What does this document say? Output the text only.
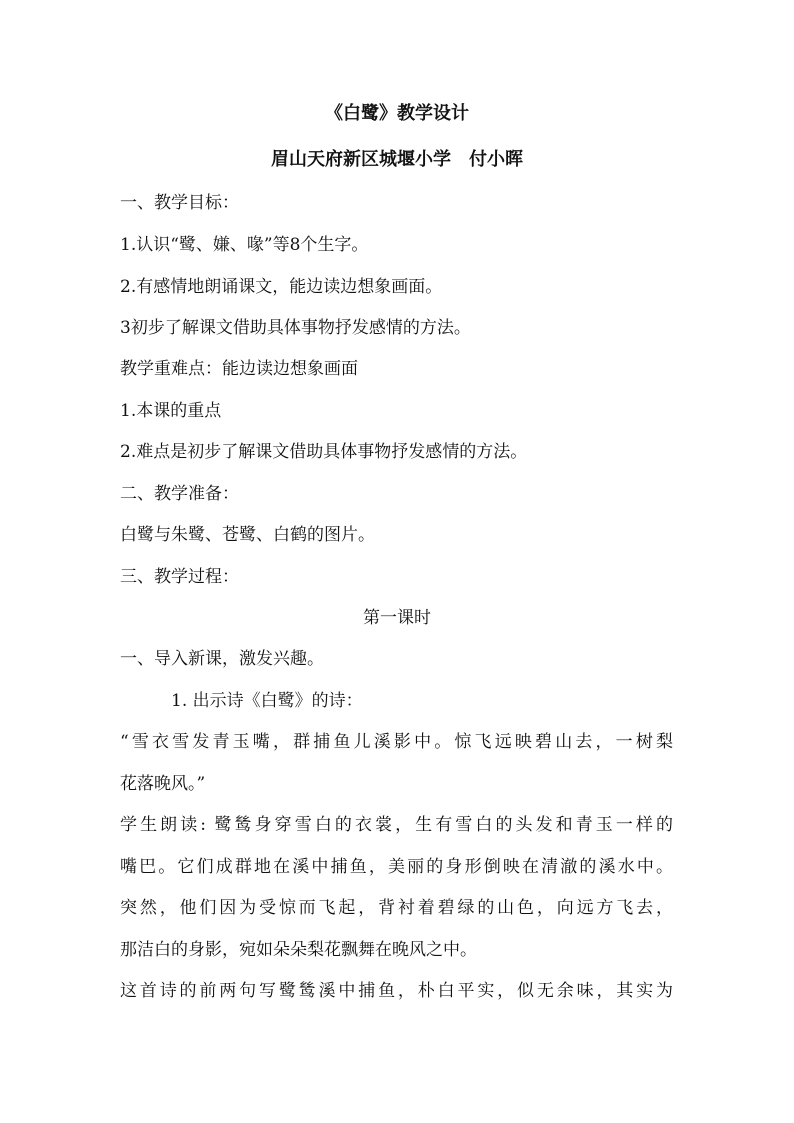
《白鹭》教学设计
眉山天府新区城堰小学　付小晖
一、教学目标：
1.认识“鹭、嫌、喙”等8个生字。
2.有感情地朗诵课文，能边读边想象画面。
3初步了解课文借助具体事物抒发感情的方法。
教学重难点：能边读边想象画面
1.本课的重点
2.难点是初步了解课文借助具体事物抒发感情的方法。
二、教学准备：
白鹭与朱鹭、苍鹭、白鹤的图片。
三、教学过程：
第一课时
一、导入新课，激发兴趣。
1. 出示诗《白鹭》的诗：
“雪衣雪发青玉嘴，群捕鱼儿溪影中。惊飞远映碧山去，一树梨
花落晚风。”
学生朗读: 鹭鸶身穿雪白的衣裳，生有雪白的头发和青玉一样的
嘴巴。它们成群地在溪中捕鱼，美丽的身形倒映在清澈的溪水中。
突然，他们因为受惊而飞起，背衬着碧绿的山色，向远方飞去，
那洁白的身影，宛如朵朵梨花飘舞在晚风之中。
这首诗的前两句写鹭鸶溪中捕鱼，朴白平实，似无余味，其实为
